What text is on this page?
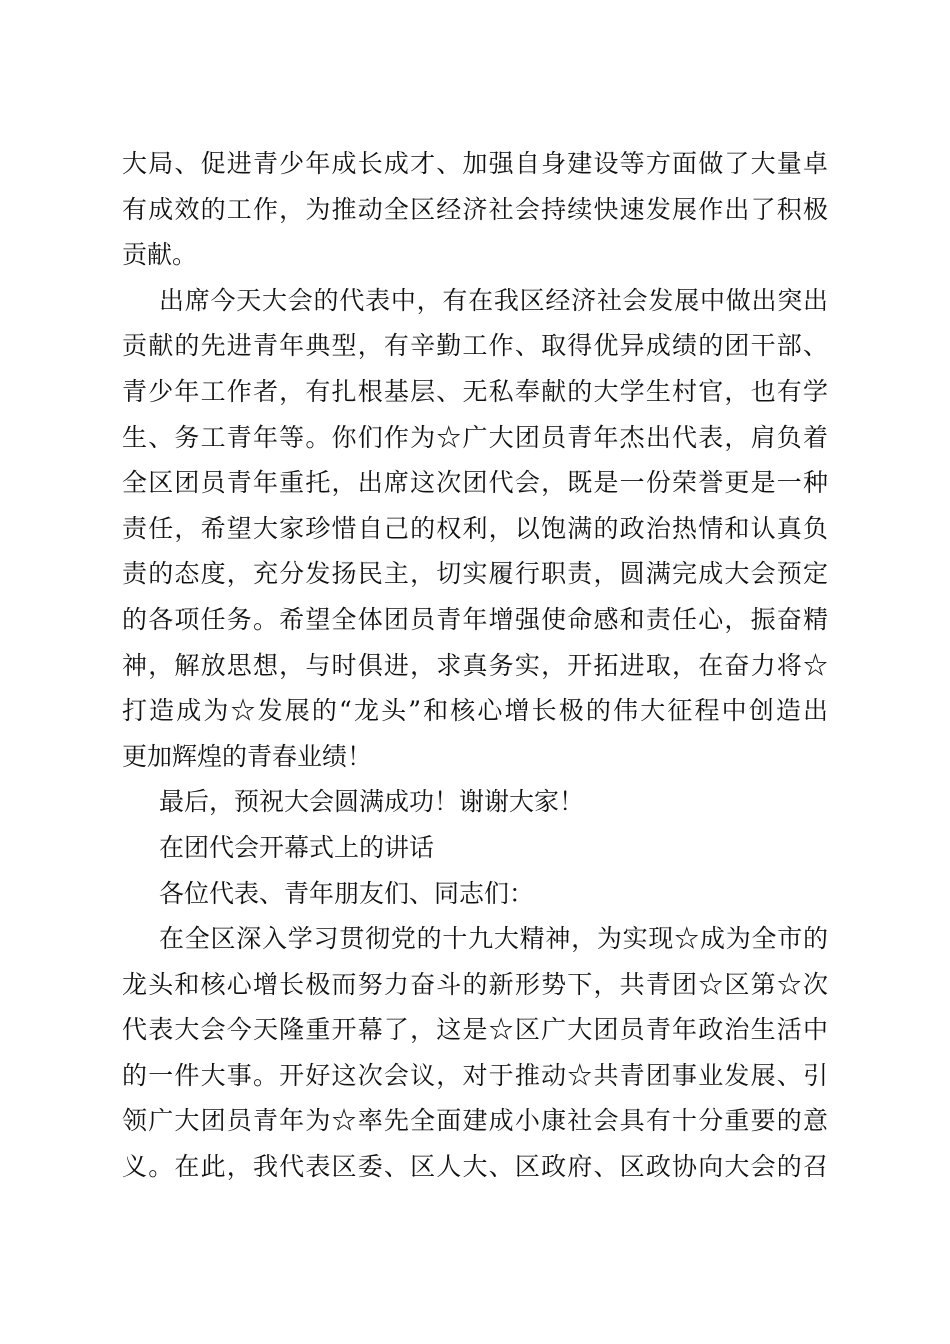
大局、促进青少年成长成才、加强自身建设等方面做了大量卓
有成效的工作，为推动全区经济社会持续快速发展作出了积极
贡献。
出席今天大会的代表中，有在我区经济社会发展中做出突出
贡献的先进青年典型，有辛勤工作、取得优异成绩的团干部、
青少年工作者，有扎根基层、无私奉献的大学生村官，也有学
生、务工青年等。你们作为☆广大团员青年杰出代表，肩负着
全区团员青年重托，出席这次团代会，既是一份荣誉更是一种
责任，希望大家珍惜自己的权利，以饱满的政治热情和认真负
责的态度，充分发扬民主，切实履行职责，圆满完成大会预定
的各项任务。希望全体团员青年增强使命感和责任心，振奋精
神，解放思想，与时俱进，求真务实，开拓进取，在奋力将☆
打造成为☆发展的“龙头”和核心增长极的伟大征程中创造出
更加辉煌的青春业绩！
最后，预祝大会圆满成功！谢谢大家！
在团代会开幕式上的讲话
各位代表、青年朋友们、同志们：
在全区深入学习贯彻党的十九大精神，为实现☆成为全市的
龙头和核心增长极而努力奋斗的新形势下，共青团☆区第☆次
代表大会今天隆重开幕了，这是☆区广大团员青年政治生活中
的一件大事。开好这次会议，对于推动☆共青团事业发展、引
领广大团员青年为☆率先全面建成小康社会具有十分重要的意
义。在此，我代表区委、区人大、区政府、区政协向大会的召
